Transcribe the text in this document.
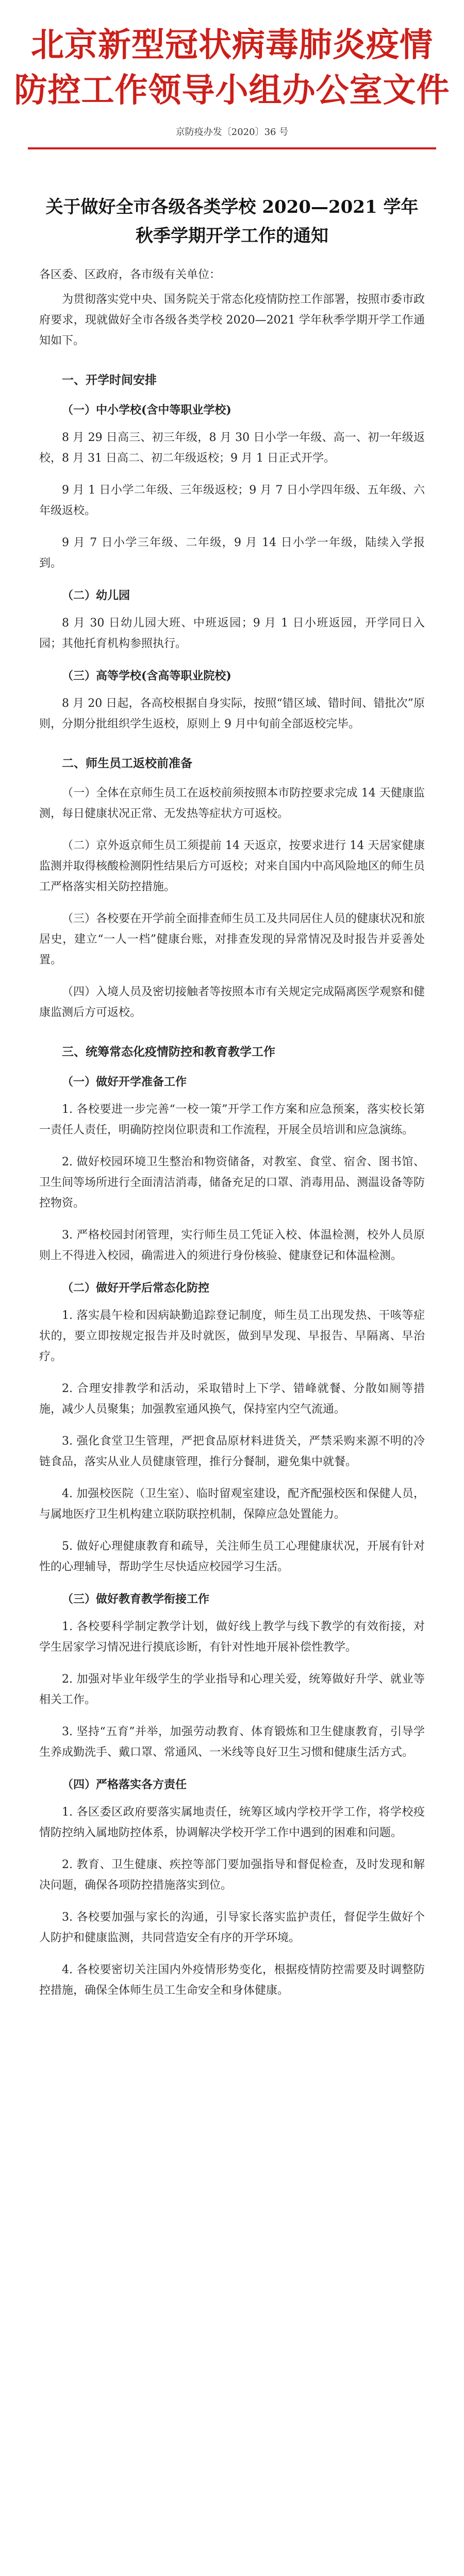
北京新型冠状病毒肺炎疫情
防控工作领导小组办公室文件
京防疫办发〔2020〕36 号
关于做好全市各级各类学校 2020—2021 学年
秋季学期开学工作的通知
各区委、区政府，各市级有关单位：

为贯彻落实党中央、国务院关于常态化疫情防控工作部署，按照市委市政府要求，现就做好全市各级各类学校 2020—2021 学年秋季学期开学工作通知如下。

一、开学时间安排
（一）中小学校(含中等职业学校)

8 月 29 日高三、初三年级，8 月 30 日小学一年级、高一、初一年级返校，8 月 31 日高二、初二年级返校；9 月 1 日正式开学。

9 月 1 日小学二年级、三年级返校；9 月 7 日小学四年级、五年级、六年级返校。

9 月 7 日小学三年级、二年级，9 月 14 日小学一年级，陆续入学报到。

（二）幼儿园

8 月 30 日幼儿园大班、中班返园；9 月 1 日小班返园，开学同日入园；其他托育机构参照执行。

（三）高等学校(含高等职业院校)

8 月 20 日起，各高校根据自身实际，按照“错区域、错时间、错批次”原则，分期分批组织学生返校，原则上 9 月中旬前全部返校完毕。

二、师生员工返校前准备

（一）全体在京师生员工在返校前须按照本市防控要求完成 14 天健康监测，每日健康状况正常、无发热等症状方可返校。

（二）京外返京师生员工须提前 14 天返京，按要求进行 14 天居家健康监测并取得核酸检测阴性结果后方可返校；对来自国内中高风险地区的师生员工严格落实相关防控措施。

（三）各校要在开学前全面排查师生员工及共同居住人员的健康状况和旅居史，建立“一人一档”健康台账，对排查发现的异常情况及时报告并妥善处置。

（四）入境人员及密切接触者等按照本市有关规定完成隔离医学观察和健康监测后方可返校。

三、统筹常态化疫情防控和教育教学工作
（一）做好开学准备工作

1. 各校要进一步完善“一校一策”开学工作方案和应急预案，落实校长第一责任人责任，明确防控岗位职责和工作流程，开展全员培训和应急演练。

2. 做好校园环境卫生整治和物资储备，对教室、食堂、宿舍、图书馆、卫生间等场所进行全面清洁消毒，储备充足的口罩、消毒用品、测温设备等防控物资。

3. 严格校园封闭管理，实行师生员工凭证入校、体温检测，校外人员原则上不得进入校园，确需进入的须进行身份核验、健康登记和体温检测。

（二）做好开学后常态化防控

1. 落实晨午检和因病缺勤追踪登记制度，师生员工出现发热、干咳等症状的，要立即按规定报告并及时就医，做到早发现、早报告、早隔离、早治疗。

2. 合理安排教学和活动，采取错时上下学、错峰就餐、分散如厕等措施，减少人员聚集；加强教室通风换气，保持室内空气流通。

3. 强化食堂卫生管理，严把食品原材料进货关，严禁采购来源不明的冷链食品，落实从业人员健康管理，推行分餐制，避免集中就餐。

4. 加强校医院（卫生室）、临时留观室建设，配齐配强校医和保健人员，与属地医疗卫生机构建立联防联控机制，保障应急处置能力。

5. 做好心理健康教育和疏导，关注师生员工心理健康状况，开展有针对性的心理辅导，帮助学生尽快适应校园学习生活。

（三）做好教育教学衔接工作

1. 各校要科学制定教学计划，做好线上教学与线下教学的有效衔接，对学生居家学习情况进行摸底诊断，有针对性地开展补偿性教学。

2. 加强对毕业年级学生的学业指导和心理关爱，统筹做好升学、就业等相关工作。

3. 坚持“五育”并举，加强劳动教育、体育锻炼和卫生健康教育，引导学生养成勤洗手、戴口罩、常通风、一米线等良好卫生习惯和健康生活方式。

（四）严格落实各方责任

1. 各区委区政府要落实属地责任，统筹区域内学校开学工作，将学校疫情防控纳入属地防控体系，协调解决学校开学工作中遇到的困难和问题。

2. 教育、卫生健康、疾控等部门要加强指导和督促检查，及时发现和解决问题，确保各项防控措施落实到位。

3. 各校要加强与家长的沟通，引导家长落实监护责任，督促学生做好个人防护和健康监测，共同营造安全有序的开学环境。

4. 各校要密切关注国内外疫情形势变化，根据疫情防控需要及时调整防控措施，确保全体师生员工生命安全和身体健康。
